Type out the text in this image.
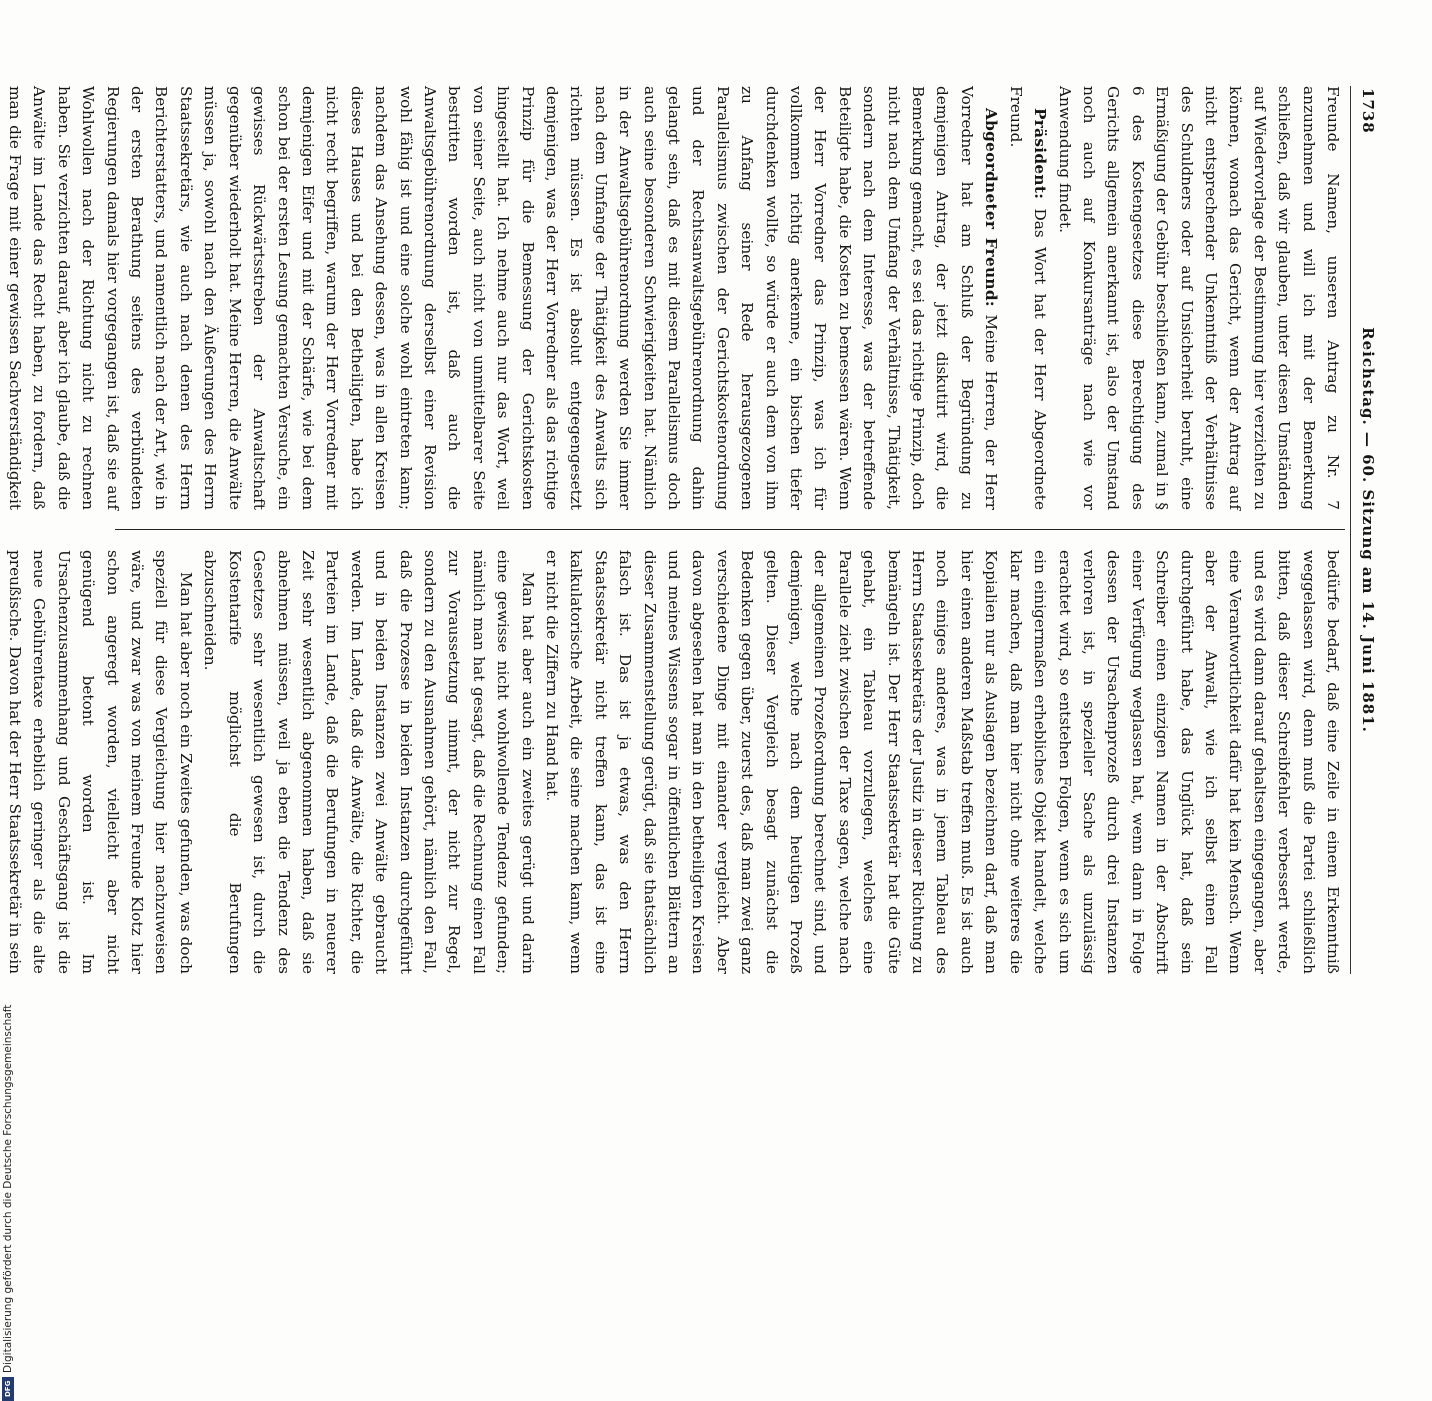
1738
Reichstag. — 60. Sitzung am 14. Juni 1881.

Freunde Namen, unseren Antrag zu Nr. 7 anzunehmen und will ich mit der Bemerkung schließen, daß wir glauben, unter diesen Umständen auf Wiedervorlage der Bestimmung hier verzichten zu können, wonach das Gericht, wenn der Antrag auf nicht entsprechender Unkenntniß der Verhältnisse des Schuldners oder auf Unsicherheit beruht, eine Ermäßigung der Gebühr beschließen kann, zumal in § 6 des Kostengesetzes diese Berechtigung des Gerichts allgemein anerkannt ist, also der Umstand noch auch auf Konkursanträge nach wie vor Anwendung findet.

Präsident: Das Wort hat der Herr Abgeordnete Freund.

Abgeordneter Freund: Meine Herren, der Herr Vorredner hat am Schluß der Begründung zu demjenigen Antrag, der jetzt diskutirt wird, die Bemerkung gemacht, es sei das richtige Prinzip, doch nicht nach dem Umfang der Verhältnisse, Thätigkeit, sondern nach dem Interesse, was der betreffende Beteiligte habe, die Kosten zu bemessen wären. Wenn der Herr Vorredner das Prinzip, was ich für vollkommen richtig anerkenne, ein bischen tiefer durchdenken wollte, so würde er auch dem von ihm zu Anfang seiner Rede herausgezogenen Parallelismus zwischen der Gerichtskostenordnung und der Rechtsanwaltsgebührenordnung dahin gelangt sein, daß es mit diesem Parallelismus doch auch seine besonderen Schwierigkeiten hat. Nämlich in der Anwaltsgebührenordnung werden Sie immer nach dem Umfange der Thätigkeit des Anwalts sich richten müssen. Es ist absolut entgegengesetzt demjenigen, was der Herr Vorredner als das richtige Prinzip für die Bemessung der Gerichtskosten hingestellt hat. Ich nehme auch nur das Wort, weil von seiner Seite, auch nicht von unmittelbarer Seite bestritten worden ist, daß auch die Anwaltsgebührenordnung derselbst einer Revision wohl fähig ist und eine solche wohl eintreten kann; nachdem das Ansehung dessen, was in allen Kreisen dieses Hauses und bei den Betheiligten, habe ich nicht recht begriffen, warum der Herr Vorredner mit demjenigen Eifer und mit der Schärfe, wie bei dem schon bei der ersten Lesung gemachten Versuche, ein gewisses Rückwärtsstreben der Anwaltschaft gegenüber wiederholt hat. Meine Herren, die Anwälte müssen ja, sowohl nach den Äußerungen des Herrn Staatssekretärs, wie auch nach denen des Herrn Berichterstatters, und namentlich nach der Art, wie in der ersten Berathung seitens des verbündeten Regierungen damals hier vorgegangen ist, daß sie auf Wohlwollen nach der Richtung nicht zu rechnen haben. Sie verzichten darauf, aber ich glaube, daß die Anwälte im Lande das Recht haben, zu fordern, daß man die Frage mit einer gewissen Sachverständigkeit

bedürfe bedarf, daß eine Zeile in einem Erkenntniß weggelassen wird, denn muß die Partei schließlich bitten, daß dieser Schreibfehler verbessert werde, und es wird dann darauf gehaltsen eingegangen, aber eine Verantwortlichkeit dafür hat kein Mensch. Wenn aber der Anwalt, wie ich selbst einen Fall durchgeführt habe, das Unglück hat, daß sein Schreiber einen einzigen Namen in der Abschrift einer Verfügung weglassen hat, wenn dann in Folge dessen der Ursachenprozeß durch drei Instanzen verloren ist, in spezieller Sache als unzulässig erachtet wird, so entstehen Folgen, wenn es sich um ein einigermaßen erhebliches Objekt handelt, welche klar machen, daß man hier nicht ohne weiteres die Kopialien nur als Auslagen bezeichnen darf, daß man hier einen anderen Maßstab treffen muß. Es ist auch noch einiges anderes, was in jenem Tableau des Herrn Staatssekretärs der Justiz in dieser Richtung zu bemängeln ist. Der Herr Staatssekretär hat die Güte gehabt, ein Tableau vorzulegen, welches eine Parallele zieht zwischen der Taxe sagen, welche nach der allgemeinen Prozeßordnung berechnet sind, und demjenigen, welche nach dem heutigen Prozeß gelten. Dieser Vergleich besagt zunächst die Bedenken gegen über, zuerst des, daß man zwei ganz verschiedene Dinge mit einander vergleicht. Aber davon abgesehen hat man in den betheiligten Kreisen und meines Wissens sogar in öffentlichen Blättern an dieser Zusammenstellung gerügt, daß sie thatsächlich falsch ist. Das ist ja etwas, was den Herrn Staatssekretär nicht treffen kann, das ist eine kalkulatorische Arbeit, die seine machen kann, wenn er nicht die Ziffern zu Hand hat.

Man hat aber auch ein zweites gerügt und darin eine gewisse nicht wohlwollende Tendenz gefunden; nämlich man hat gesagt, daß die Rechnung einen Fall zur Voraussetzung nimmt, der nicht zur Regel, sondern zu den Ausnahmen gehört, nämlich den Fall, daß die Prozesse in beiden Instanzen durchgeführt und in beiden Instanzen zwei Anwälte gebraucht werden. Im Lande, daß die Anwälte, die Richter, die Parteien im Lande, daß die Berufungen in neuerer Zeit sehr wesentlich abgenommen haben, daß sie abnehmen müssen, weil ja eben die Tendenz des Gesetzes sehr wesentlich gewesen ist, durch die Kostentarife möglichst die Berufungen abzuschneiden.

Man hat aber noch ein Zweites gefunden, was doch speziell für diese Vergleichung hier nachzuweisen wäre, und zwar was von meinem Freunde Klotz hier schon angeregt worden, vielleicht aber nicht genügend betont worden ist. Im Ursachenzusammenhang und Geschäftsgang ist die neue Gebührentaxe erheblich geringer als die alte preußische. Davon hat der Herr Staatssekretär in sein

DFG
Digitalisierung gefördert durch die Deutsche Forschungsgemeinschaft
